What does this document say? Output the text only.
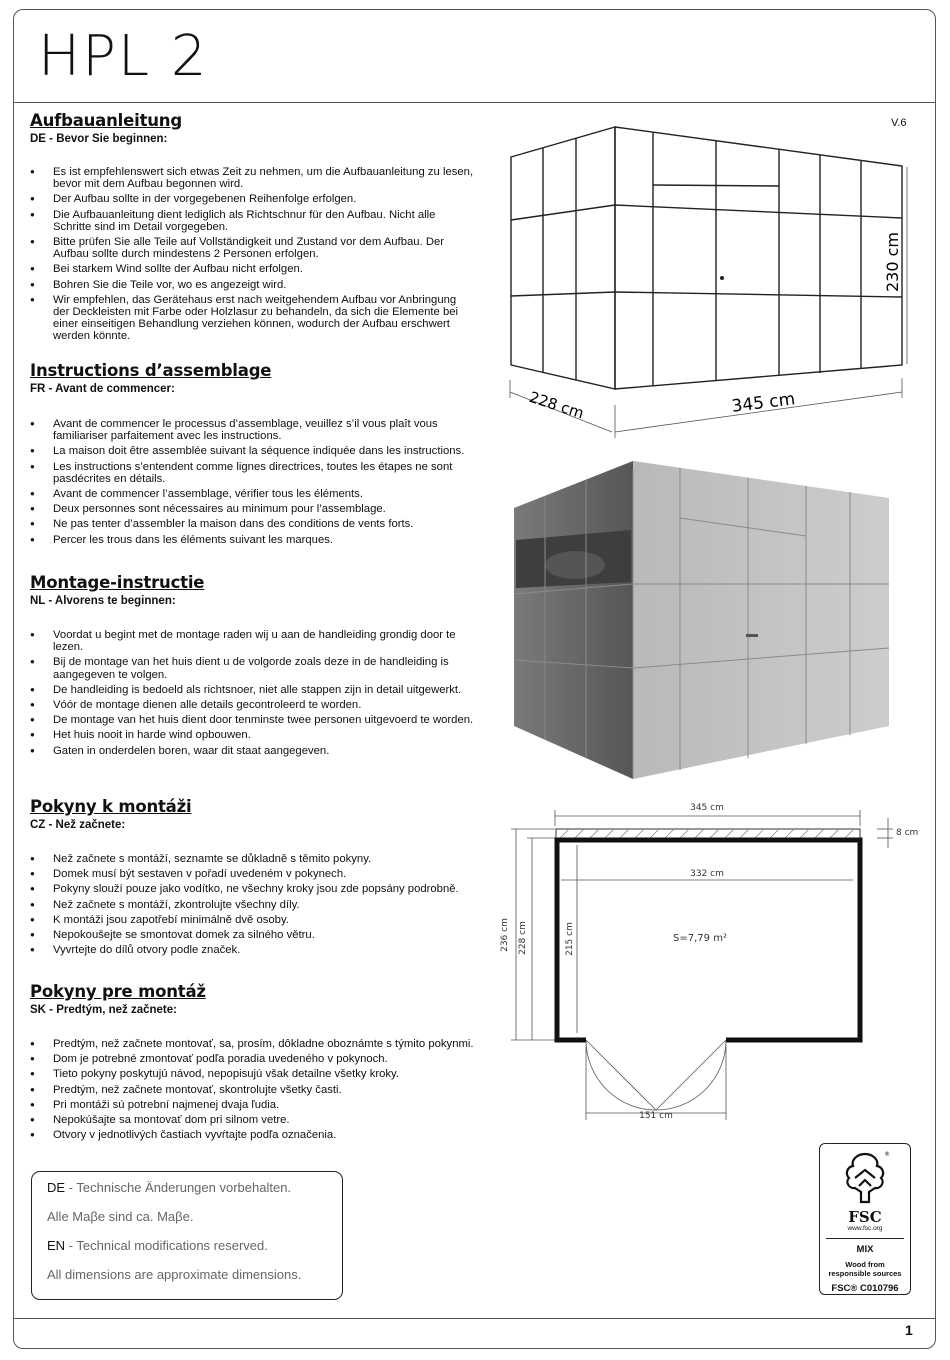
HPL 2
V.6
1
Aufbauanleitung
DE - Bevor Sie beginnen:
● Es ist empfehlenswert sich etwas Zeit zu nehmen, um die Aufbauanleitung zu lesen, bevor mit dem Aufbau begonnen wird.
● Der Aufbau sollte in der vorgegebenen Reihenfolge erfolgen.
● Die Aufbauanleitung dient lediglich als Richtschnur für den Aufbau. Nicht alle Schritte sind im Detail vorgegeben.
● Bitte prüfen Sie alle Teile auf Vollständigkeit und Zustand vor dem Aufbau. Der Aufbau sollte durch mindestens 2 Personen erfolgen.
● Bei starkem Wind sollte der Aufbau nicht erfolgen.
● Bohren Sie die Teile vor, wo es angezeigt wird.
● Wir empfehlen, das Gerätehaus erst nach weitgehendem Aufbau vor Anbringung der Deckleisten mit Farbe oder Holzlasur zu behandeln, da sich die Elemente bei einer einseitigen Behandlung verziehen können, wodurch der Aufbau erschwert werden könnte.
Instructions d’assemblage
FR - Avant de commencer:
● Avant de commencer le processus d’assemblage, veuillez s’il vous plaît vous familiariser parfaitement avec les instructions.
● La maison doit être assemblée suivant la séquence indiquée dans les instructions.
● Les instructions s’entendent comme lignes directrices, toutes les étapes ne sont pasdécrites en détails.
● Avant de commencer l’assemblage, vérifier tous les éléments.
● Deux personnes sont nécessaires au minimum pour l’assemblage.
● Ne pas tenter d’assembler la maison dans des conditions de vents forts.
● Percer les trous dans les éléments suivant les marques.
Montage-instructie
NL - Alvorens te beginnen:
● Voordat u begint met de montage raden wij u aan de handleiding grondig door te lezen.
● Bij de montage van het huis dient u de volgorde zoals deze in de handleiding is aangegeven te volgen.
● De handleiding is bedoeld als richtsnoer, niet alle stappen zijn in detail uitgewerkt.
● Vóór de montage dienen alle details gecontroleerd te worden.
● De montage van het huis dient door tenminste twee personen uitgevoerd te worden.
● Het huis nooit in harde wind opbouwen.
● Gaten in onderdelen boren, waar dit staat aangegeven.
Pokyny k montáži
CZ - Než začnete:
● Než začnete s montáží, seznamte se důkladně s těmito pokyny.
● Domek musí být sestaven v pořadí uvedeném v pokynech.
● Pokyny slouží pouze jako vodítko, ne všechny kroky jsou zde popsány podrobně.
● Než začnete s montáží, zkontrolujte všechny díly.
● K montáži jsou zapotřebí minimálně dvě osoby.
● Nepokoušejte se smontovat domek za silného větru.
● Vyvrtejte do dílů otvory podle značek.
Pokyny pre montáž
SK - Predtým, než začnete:
● Predtým, než začnete montovať, sa, prosím, dôkladne oboznámte s týmito pokynmi.
● Dom je potrebné zmontovať podľa poradia uvedeného v pokynoch.
● Tieto pokyny poskytujú návod, nepopisujú však detailne všetky kroky.
● Predtým, než začnete montovať, skontrolujte všetky časti.
● Pri montáži sú potrební najmenej dvaja ľudia.
● Nepokúšajte sa montovať dom pri silnom vetre.
● Otvory v jednotlivých častiach vyvŕtajte podľa označenia.

DE - Technische Änderungen vorbehalten.

Alle Maβe sind ca. Maβe.

EN - Technical modifications reserved.

All dimensions are approximate dimensions.

230 cm
228 cm	345 cm
345 cm
8 cm
332 cm
236 cm 228 cm	215 cm	S=7,79 m²
151 cm
®
FSC
www.fsc.org
MIX
Wood from
responsible sources
FSC® C010796
